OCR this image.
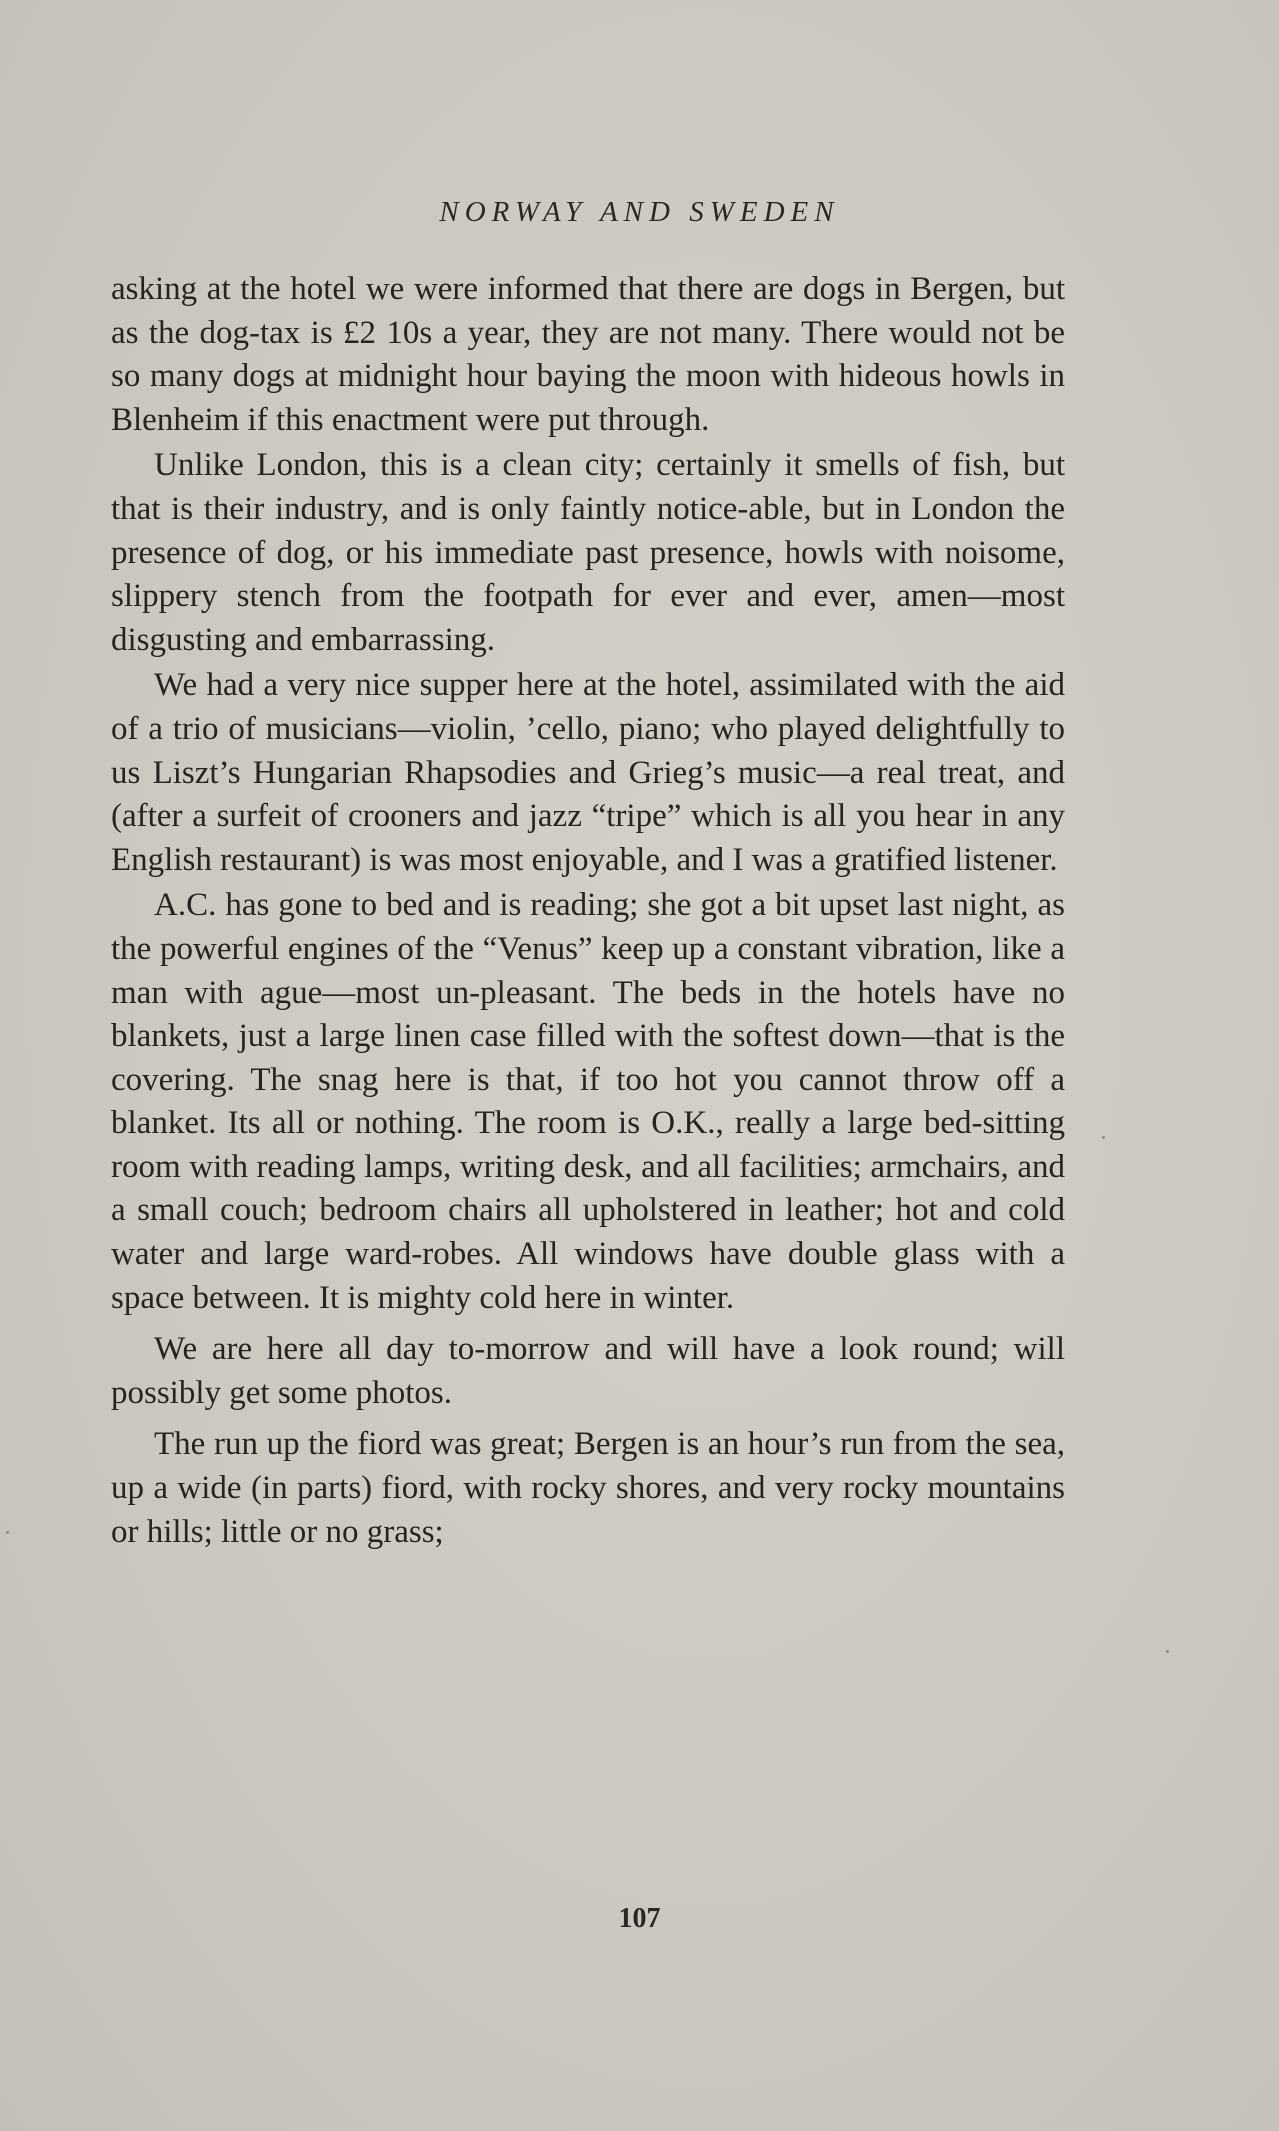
NORWAY AND SWEDEN

asking at the hotel we were informed that there are dogs in Bergen, but as the dog-tax is £2 10s a year, they are not many. There would not be so many dogs at midnight hour baying the moon with hideous howls in Blenheim if this enactment were put through.

Unlike London, this is a clean city; certainly it smells of fish, but that is their industry, and is only faintly notice-able, but in London the presence of dog, or his immediate past presence, howls with noisome, slippery stench from the footpath for ever and ever, amen—most disgusting and embarrassing.

We had a very nice supper here at the hotel, assimilated with the aid of a trio of musicians—violin, ’cello, piano; who played delightfully to us Liszt’s Hungarian Rhapsodies and Grieg’s music—a real treat, and (after a surfeit of crooners and jazz “tripe” which is all you hear in any English restaurant) is was most enjoyable, and I was a gratified listener.

A.C. has gone to bed and is reading; she got a bit upset last night, as the powerful engines of the “Venus” keep up a constant vibration, like a man with ague—most un-pleasant. The beds in the hotels have no blankets, just a large linen case filled with the softest down—that is the covering. The snag here is that, if too hot you cannot throw off a blanket. Its all or nothing. The room is O.K., really a large bed-sitting room with reading lamps, writing desk, and all facilities; armchairs, and a small couch; bedroom chairs all upholstered in leather; hot and cold water and large ward-robes. All windows have double glass with a space between. It is mighty cold here in winter.

We are here all day to-morrow and will have a look round; will possibly get some photos.

The run up the fiord was great; Bergen is an hour’s run from the sea, up a wide (in parts) fiord, with rocky shores, and very rocky mountains or hills; little or no grass;

107
